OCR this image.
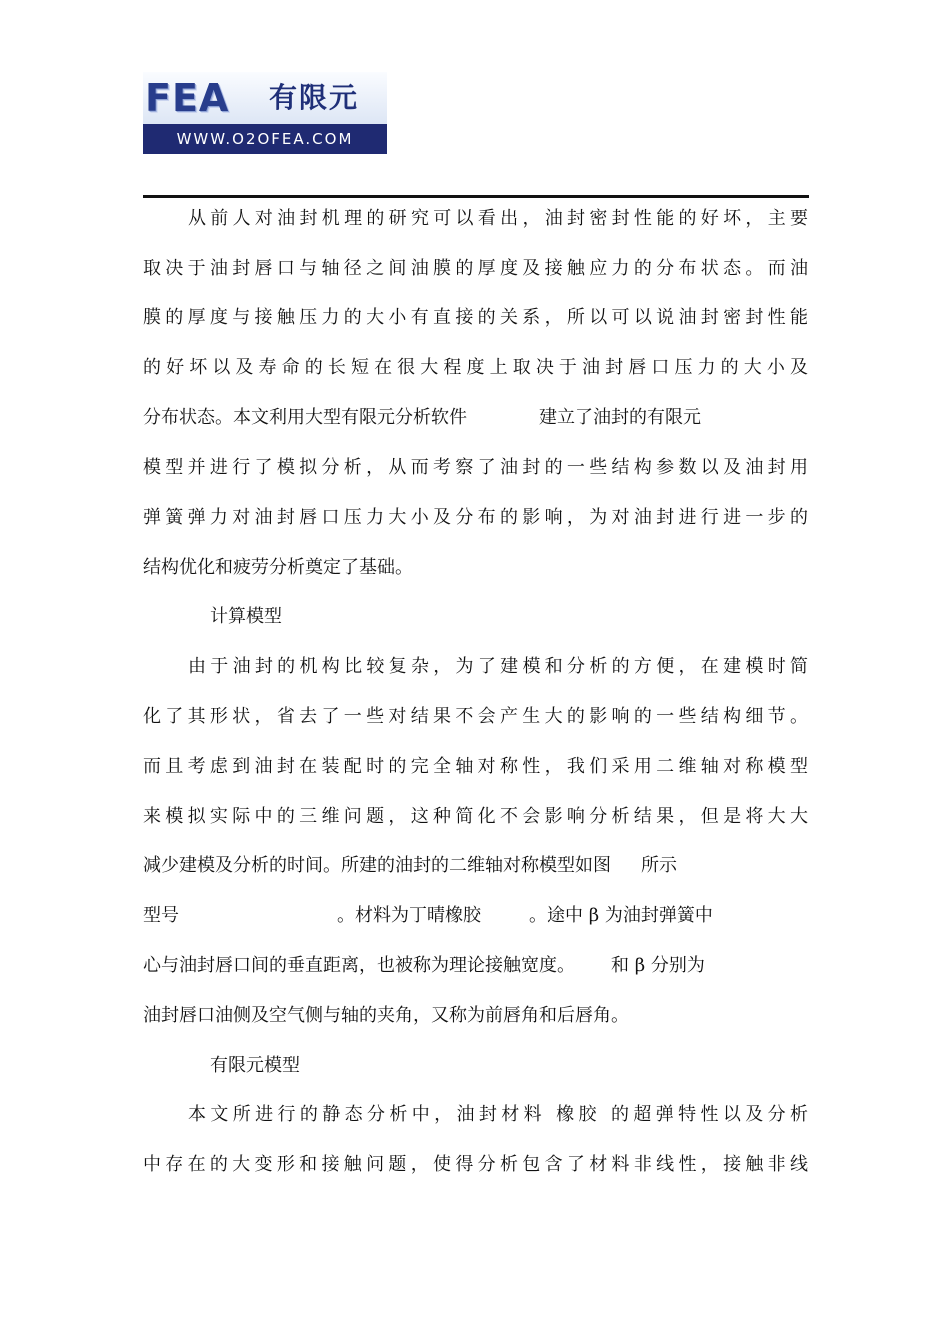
FEA 有限元
WWW.O2OFEA.COM
从前人对油封机理的研究可以看出，油封密封性能的好坏，主要
取决于油封唇口与轴径之间油膜的厚度及接触应力的分布状态。而油
膜的厚度与接触压力的大小有直接的关系，所以可以说油封密封性能
的好坏以及寿命的长短在很大程度上取决于油封唇口压力的大小及
分布状态。本文利用大型有限元分析软件	建立了油封的有限元
模型并进行了模拟分析，从而考察了油封的一些结构参数以及油封用
弹簧弹力对油封唇口压力大小及分布的影响，为对油封进行进一步的
结构优化和疲劳分析奠定了基础。
计算模型
由于油封的机构比较复杂，为了建模和分析的方便，在建模时简
化了其形状，省去了一些对结果不会产生大的影响的一些结构细节。
而且考虑到油封在装配时的完全轴对称性，我们采用二维轴对称模型
来模拟实际中的三维问题，这种简化不会影响分析结果，但是将大大
减少建模及分析的时间。所建的油封的二维轴对称模型如图 所示
型号	。材料为丁晴橡胶	。途中 β 为油封弹簧中
心与油封唇口间的垂直距离，也被称为理论接触宽度。 和 β 分别为
油封唇口油侧及空气侧与轴的夹角，又称为前唇角和后唇角。
有限元模型
本文所进行的静态分析中，油封材料 橡胶 的超弹特性以及分析
中存在的大变形和接触问题，使得分析包含了材料非线性，接触非线
